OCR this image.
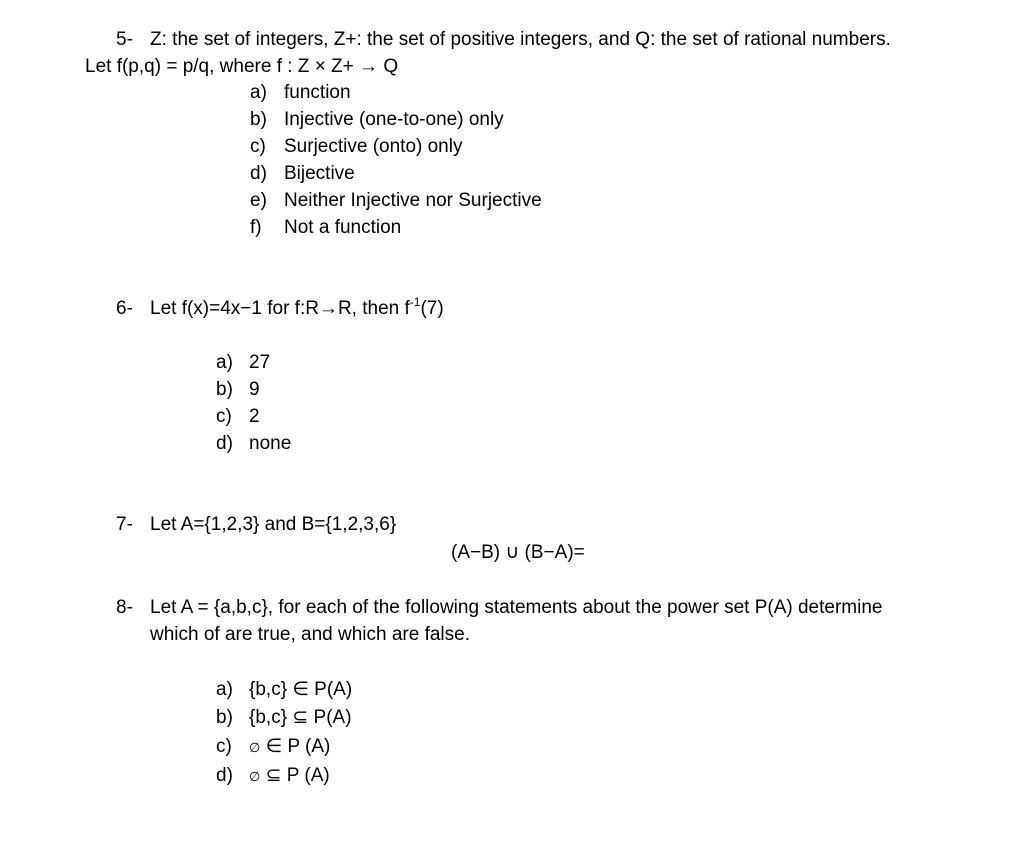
5- Z: the set of integers, Z+: the set of positive integers, and Q: the set of rational numbers.
Let f(p,q) = p/q, where f : Z × Z+ → Q
a) function
b) Injective (one-to-one) only
c) Surjective (onto) only
d) Bijective
e) Neither Injective nor Surjective
f) Not a function
6- Let f(x)=4x−1 for f:R→R, then $f^{-1}(7)$
a) 27
b) 9
c) 2
d) none
7- Let A={1,2,3} and B={1,2,3,6}
(A−B) ∪ (B−A)=
8- Let A = {a,b,c}, for each of the following statements about the power set P(A) determine
which of are true, and which are false.
a) {b,c} ∈ P(A)
b) {b,c} ⊆ P(A)
c) ∅ ∈ P (A)
d) ∅ ⊆ P (A)
